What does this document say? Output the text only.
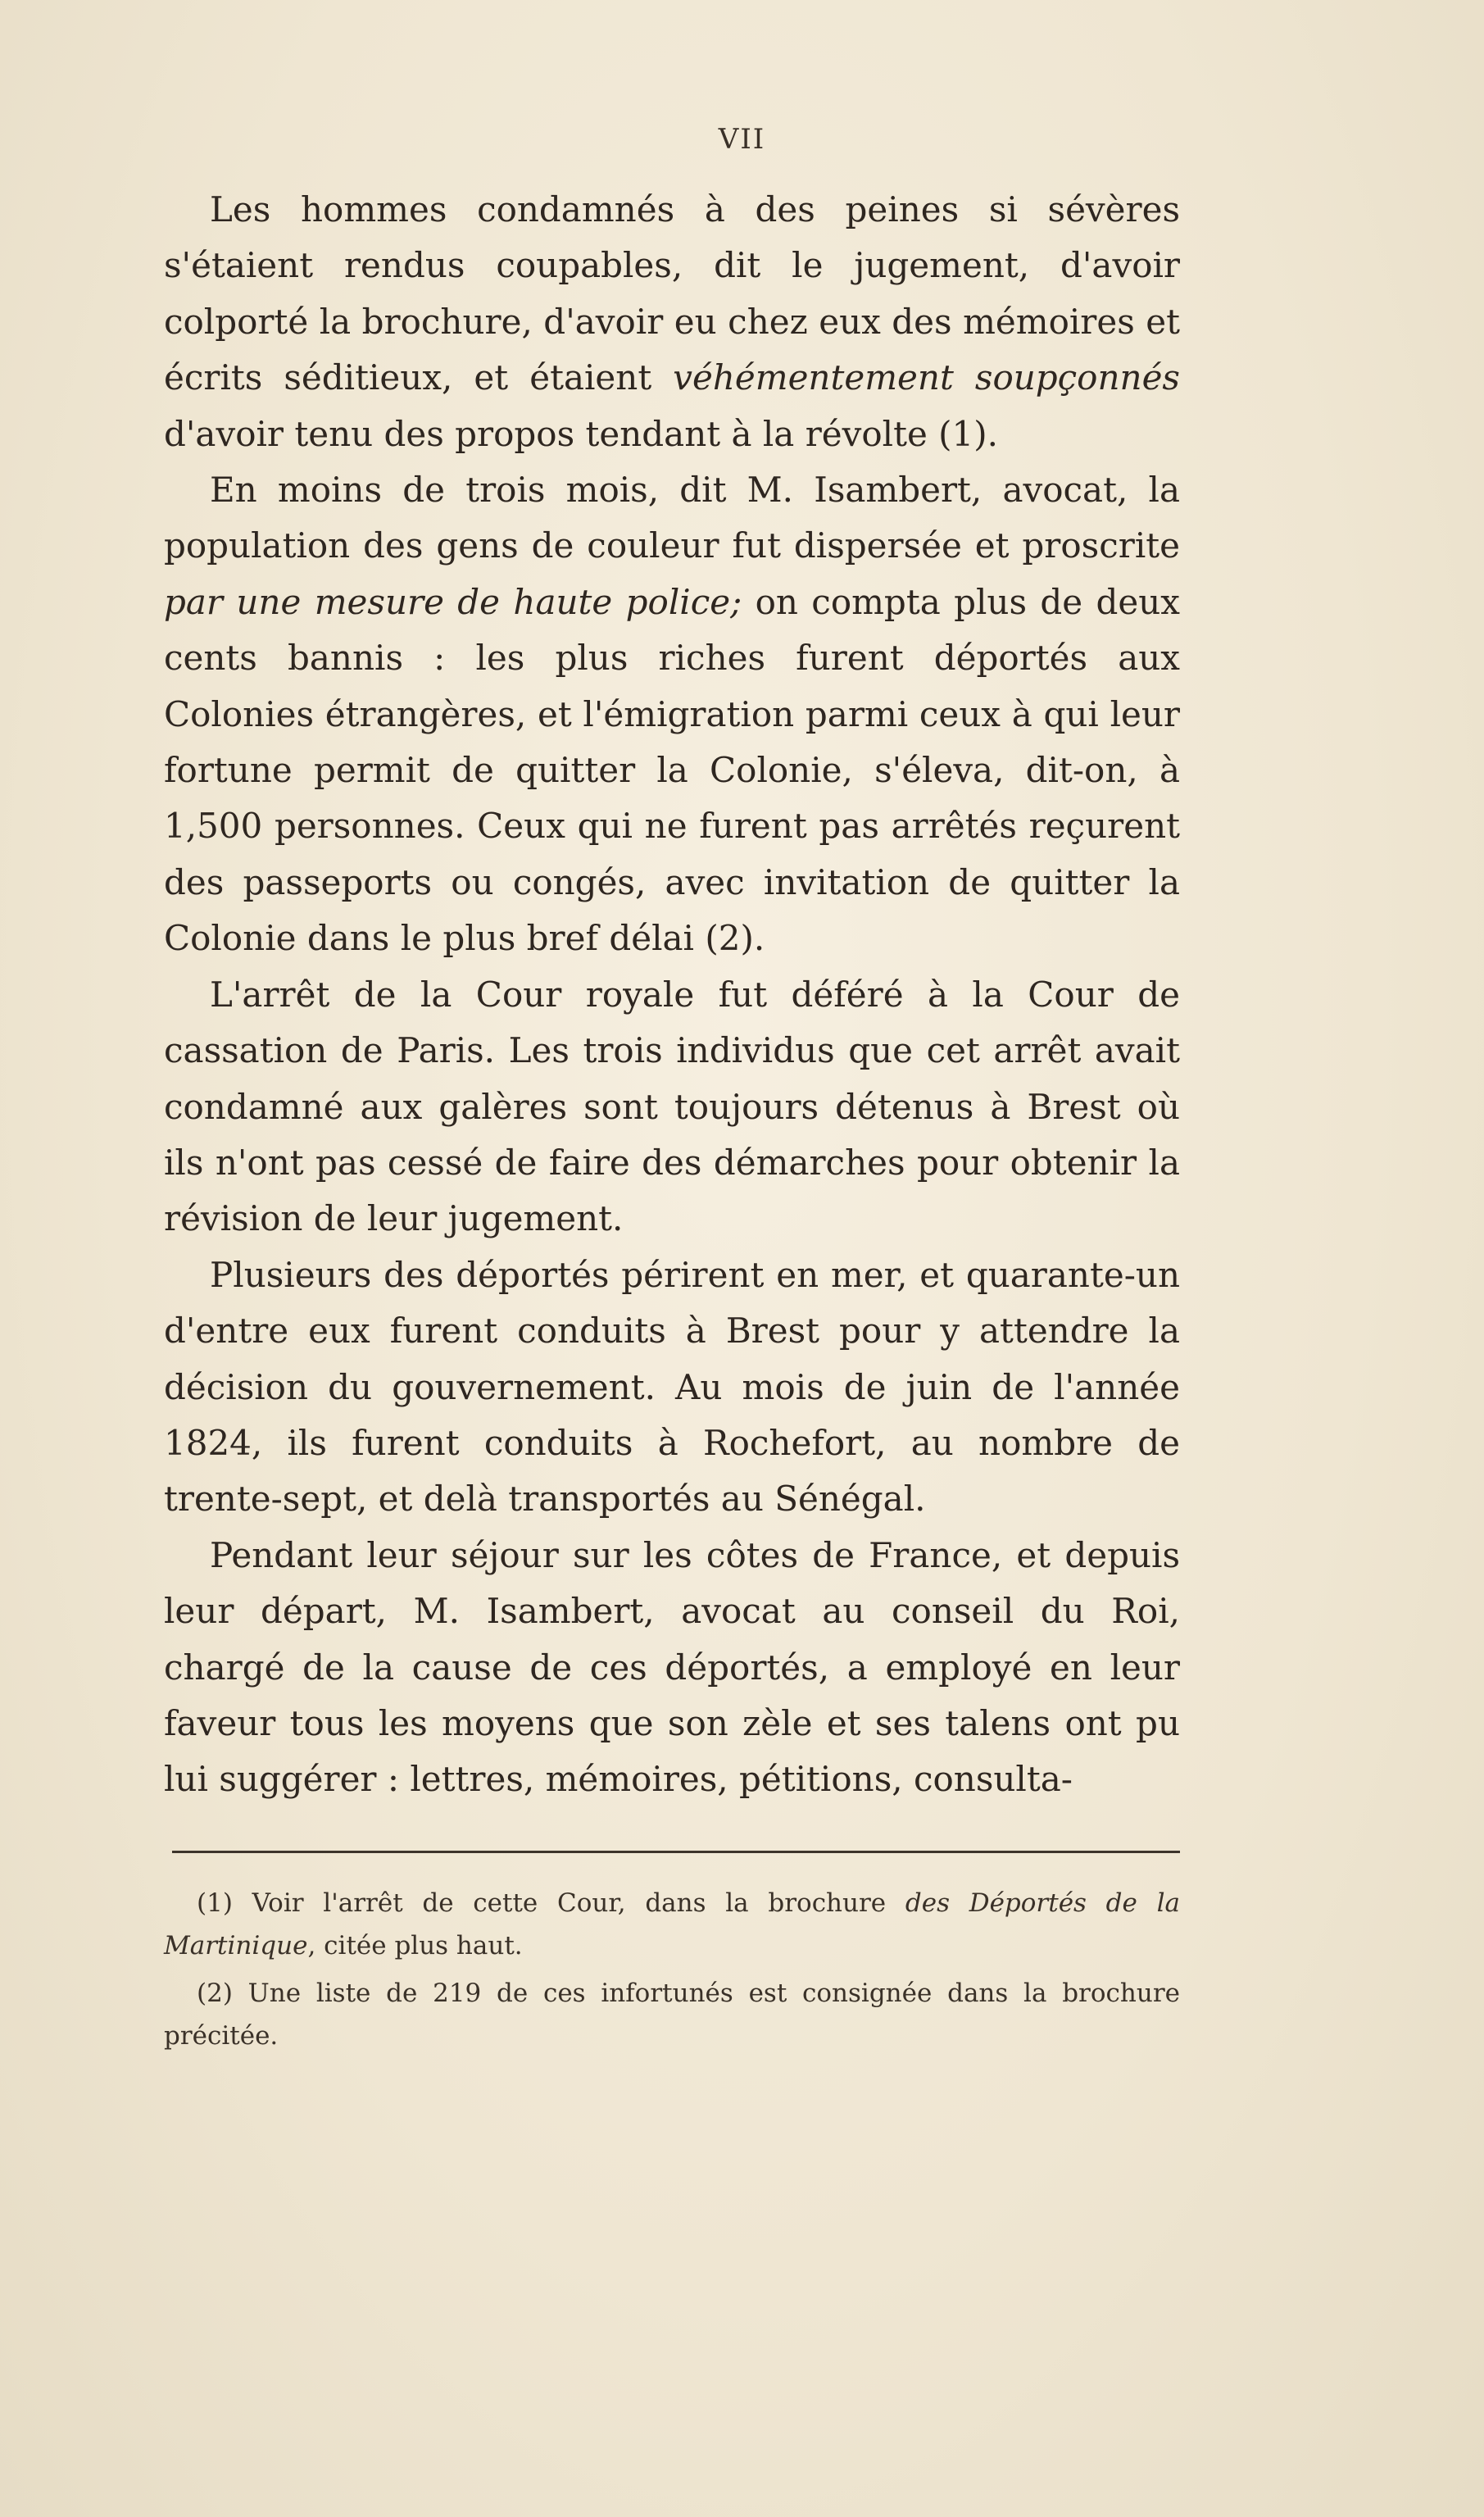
VII

Les hommes condamnés à des peines si sévères s'étaient rendus coupables, dit le jugement, d'avoir colporté la brochure, d'avoir eu chez eux des mémoires et écrits séditieux, et étaient véhémentement soupçonnés d'avoir tenu des propos tendant à la révolte (1).

En moins de trois mois, dit M. Isambert, avocat, la population des gens de couleur fut dispersée et proscrite par une mesure de haute police; on compta plus de deux cents bannis : les plus riches furent déportés aux Colonies étrangères, et l'émigration parmi ceux à qui leur fortune permit de quitter la Colonie, s'éleva, dit-on, à 1,500 personnes. Ceux qui ne furent pas arrêtés reçurent des passeports ou congés, avec invitation de quitter la Colonie dans le plus bref délai (2).

L'arrêt de la Cour royale fut déféré à la Cour de cassation de Paris. Les trois individus que cet arrêt avait condamné aux galères sont toujours détenus à Brest où ils n'ont pas cessé de faire des démarches pour obtenir la révision de leur jugement.

Plusieurs des déportés périrent en mer, et quarante-un d'entre eux furent conduits à Brest pour y attendre la décision du gouvernement. Au mois de juin de l'année 1824, ils furent conduits à Rochefort, au nombre de trente-sept, et delà transportés au Sénégal.

Pendant leur séjour sur les côtes de France, et depuis leur départ, M. Isambert, avocat au conseil du Roi, chargé de la cause de ces déportés, a employé en leur faveur tous les moyens que son zèle et ses talens ont pu lui suggérer : lettres, mémoires, pétitions, consulta-

(1) Voir l'arrêt de cette Cour, dans la brochure des Déportés de la Martinique, citée plus haut.

(2) Une liste de 219 de ces infortunés est consignée dans la brochure précitée.
